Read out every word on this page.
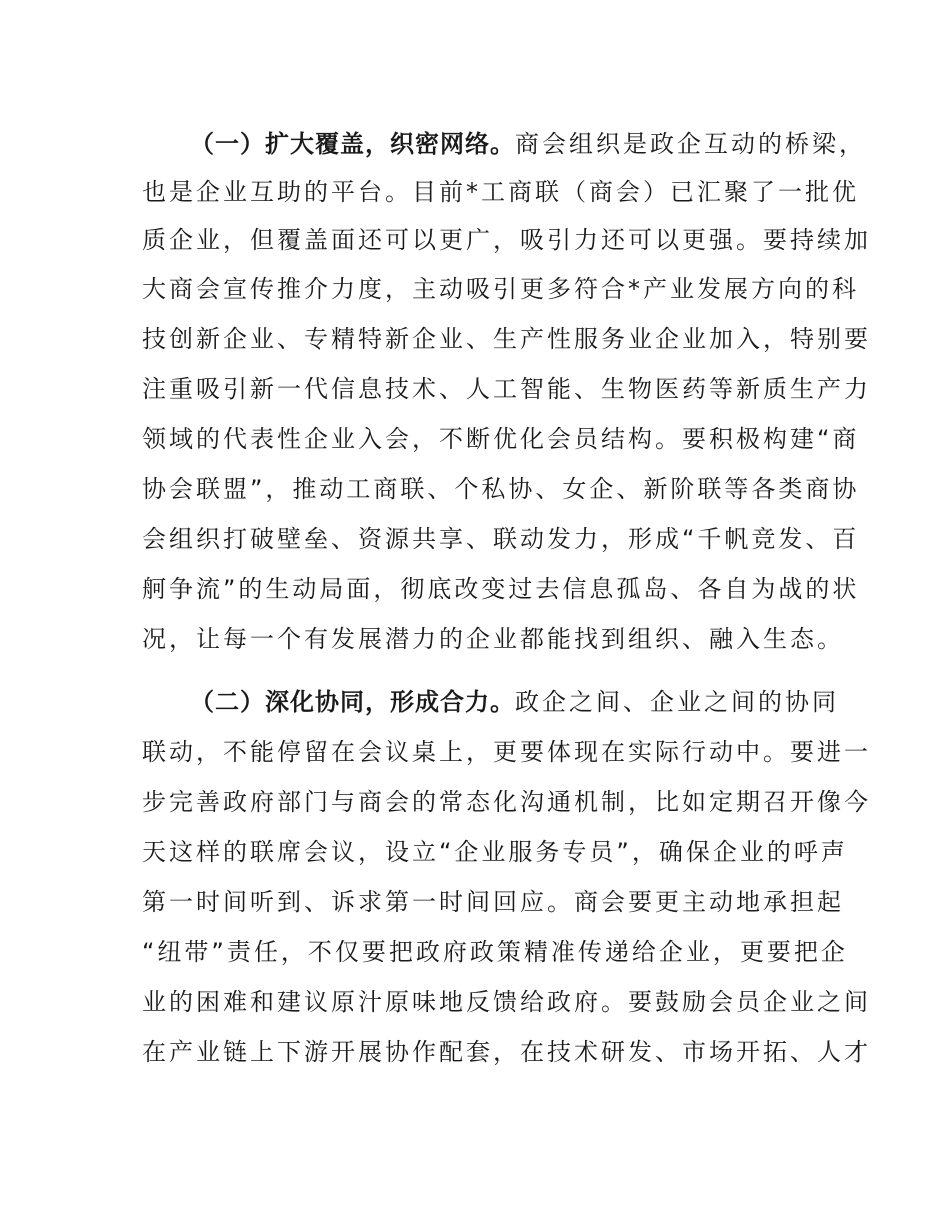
（一）扩大覆盖，织密网络。商会组织是政企互动的桥梁，
也是企业互助的平台。目前*工商联（商会）已汇聚了一批优
质企业，但覆盖面还可以更广，吸引力还可以更强。要持续加
大商会宣传推介力度，主动吸引更多符合*产业发展方向的科
技创新企业、专精特新企业、生产性服务业企业加入，特别要
注重吸引新一代信息技术、人工智能、生物医药等新质生产力
领域的代表性企业入会，不断优化会员结构。要积极构建“商
协会联盟”，推动工商联、个私协、女企、新阶联等各类商协
会组织打破壁垒、资源共享、联动发力，形成“千帆竞发、百
舸争流”的生动局面，彻底改变过去信息孤岛、各自为战的状
况，让每一个有发展潜力的企业都能找到组织、融入生态。
（二）深化协同，形成合力。政企之间、企业之间的协同
联动，不能停留在会议桌上，更要体现在实际行动中。要进一
步完善政府部门与商会的常态化沟通机制，比如定期召开像今
天这样的联席会议，设立“企业服务专员”，确保企业的呼声
第一时间听到、诉求第一时间回应。商会要更主动地承担起
“纽带”责任，不仅要把政府政策精准传递给企业，更要把企
业的困难和建议原汁原味地反馈给政府。要鼓励会员企业之间
在产业链上下游开展协作配套，在技术研发、市场开拓、人才
